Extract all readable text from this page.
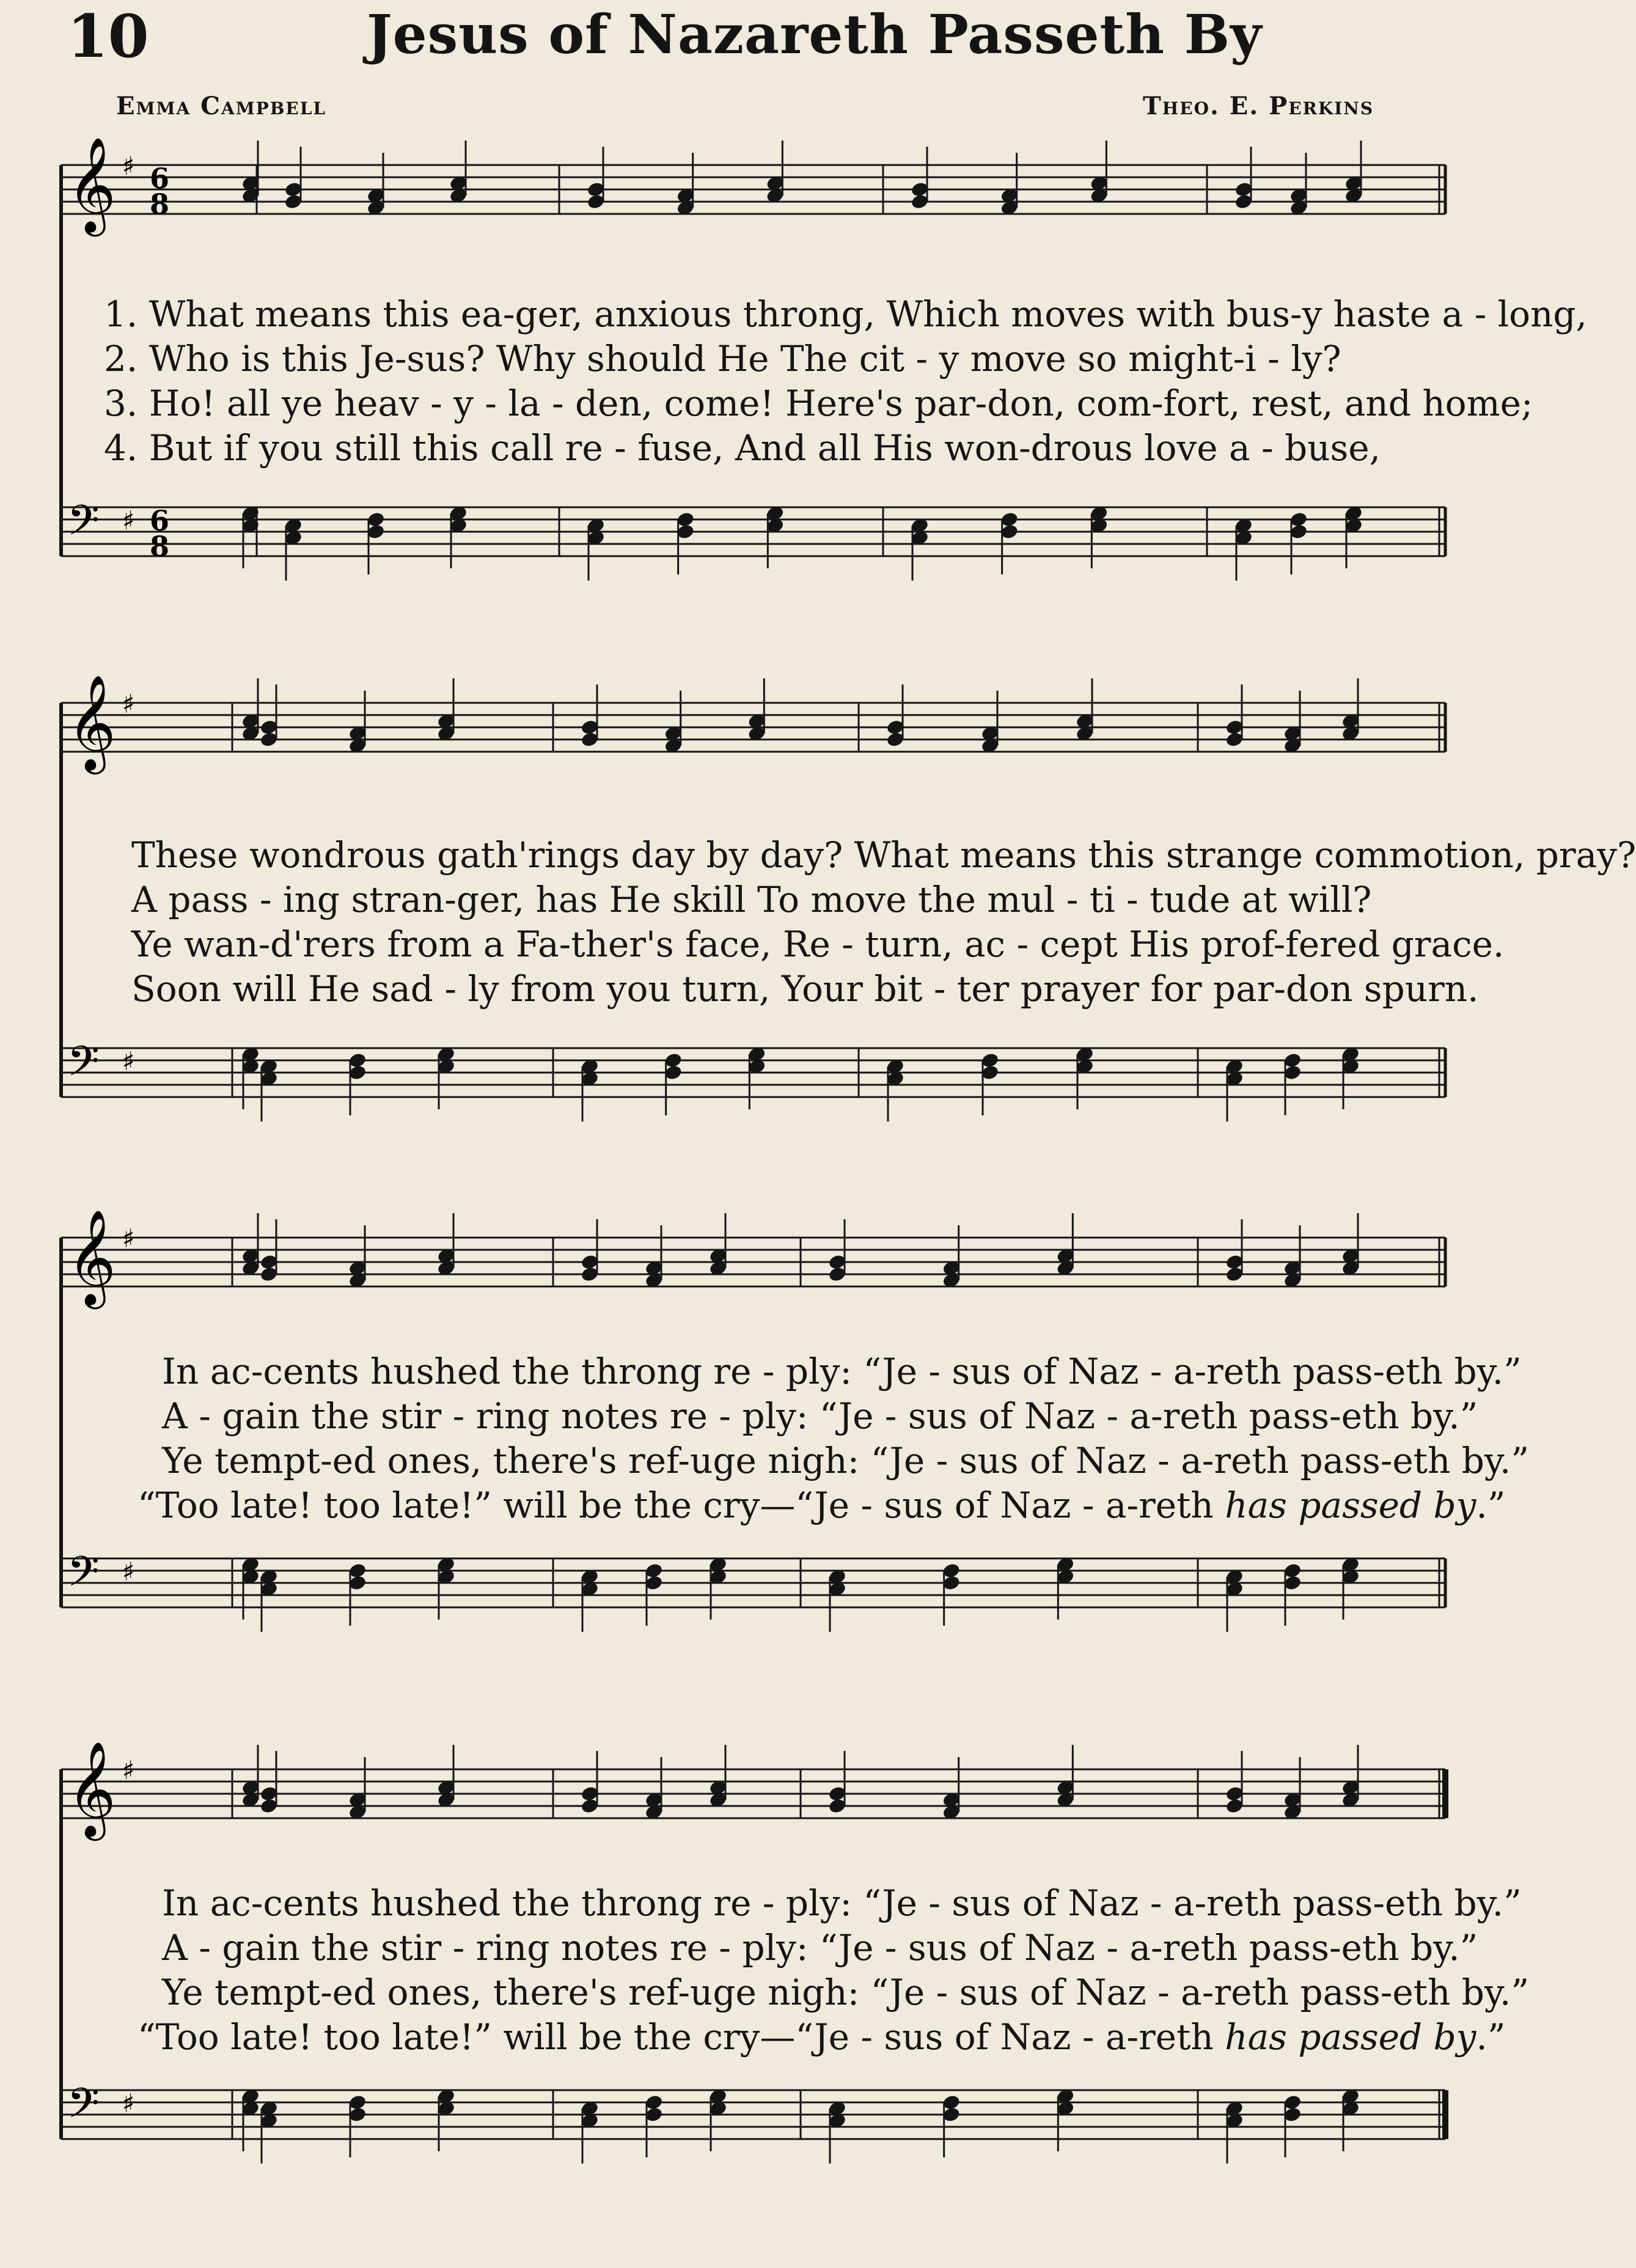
10	Jesus of Nazareth Passeth By
Emma Campbell	Theo. E. Perkins
𝄞 ♯ 6
8
𝄢 ♯ 6
8
1. What means this ea-ger, anxious throng, Which moves with bus-y haste a - long,
2. Who is this Je-sus? Why should He The cit - y move so might-i - ly?
3. Ho! all ye heav - y - la - den, come! Here's par-don, com-fort, rest, and home;
4. But if you still this call re - fuse, And all His won-drous love a - buse,
𝄞 ♯
𝄢 ♯
These wondrous gath'rings day by day? What means this strange commotion, pray?
A pass - ing stran-ger, has He skill To move the mul - ti - tude at will?
Ye wan-d'rers from a Fa-ther's face, Re - turn, ac - cept His prof-fered grace.
Soon will He sad - ly from you turn, Your bit - ter prayer for par-don spurn.
𝄞 ♯
𝄢 ♯
In ac-cents hushed the throng re - ply: “Je - sus of Naz - a-reth pass-eth by.”
A - gain the stir - ring notes re - ply: “Je - sus of Naz - a-reth pass-eth by.”
Ye tempt-ed ones, there's ref-uge nigh: “Je - sus of Naz - a-reth pass-eth by.”
“Too late! too late!” will be the cry—“Je - sus of Naz - a-reth has passed by.”
𝄞 ♯
𝄢 ♯
In ac-cents hushed the throng re - ply: “Je - sus of Naz - a-reth pass-eth by.”
A - gain the stir - ring notes re - ply: “Je - sus of Naz - a-reth pass-eth by.”
Ye tempt-ed ones, there's ref-uge nigh: “Je - sus of Naz - a-reth pass-eth by.”
“Too late! too late!” will be the cry—“Je - sus of Naz - a-reth has passed by.”
